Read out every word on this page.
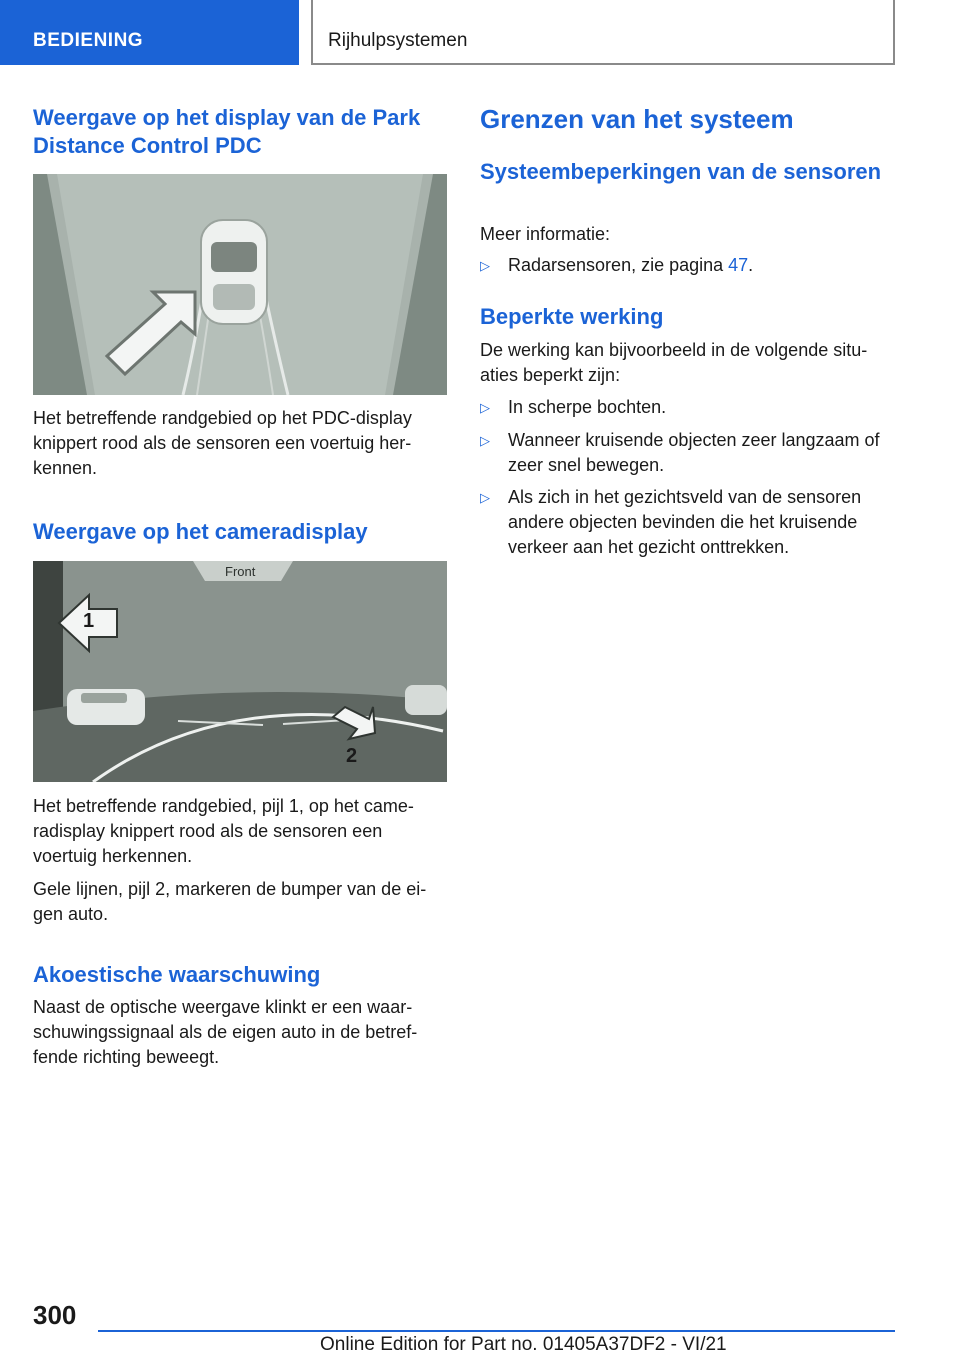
BEDIENING	Rijhulpsystemen
Weergave op het display van de Park Distance Control PDC

Het betreffende randgebied op het PDC-display knippert rood als de sensoren een voertuig her-kennen.

Weergave op het cameradisplay
Front
1
2

Het betreffende randgebied, pijl 1, op het came-radisplay knippert rood als de sensoren een voertuig herkennen.

Gele lijnen, pijl 2, markeren de bumper van de ei-gen auto.

Akoestische waarschuwing

Naast de optische weergave klinkt er een waar-schuwingssignaal als de eigen auto in de betref-fende richting beweegt.

Grenzen van het systeem
Systeembeperkingen van de sensoren

Meer informatie:

▷ Radarsensoren, zie pagina 47.
Beperkte werking

De werking kan bijvoorbeeld in de volgende situ-aties beperkt zijn:

▷ In scherpe bochten.
▷ Wanneer kruisende objecten zeer langzaam of zeer snel bewegen.
▷ Als zich in het gezichtsveld van de sensoren andere objecten bevinden die het kruisende verkeer aan het gezicht onttrekken.
300
Online Edition for Part no. 01405A37DF2 - VI/21
